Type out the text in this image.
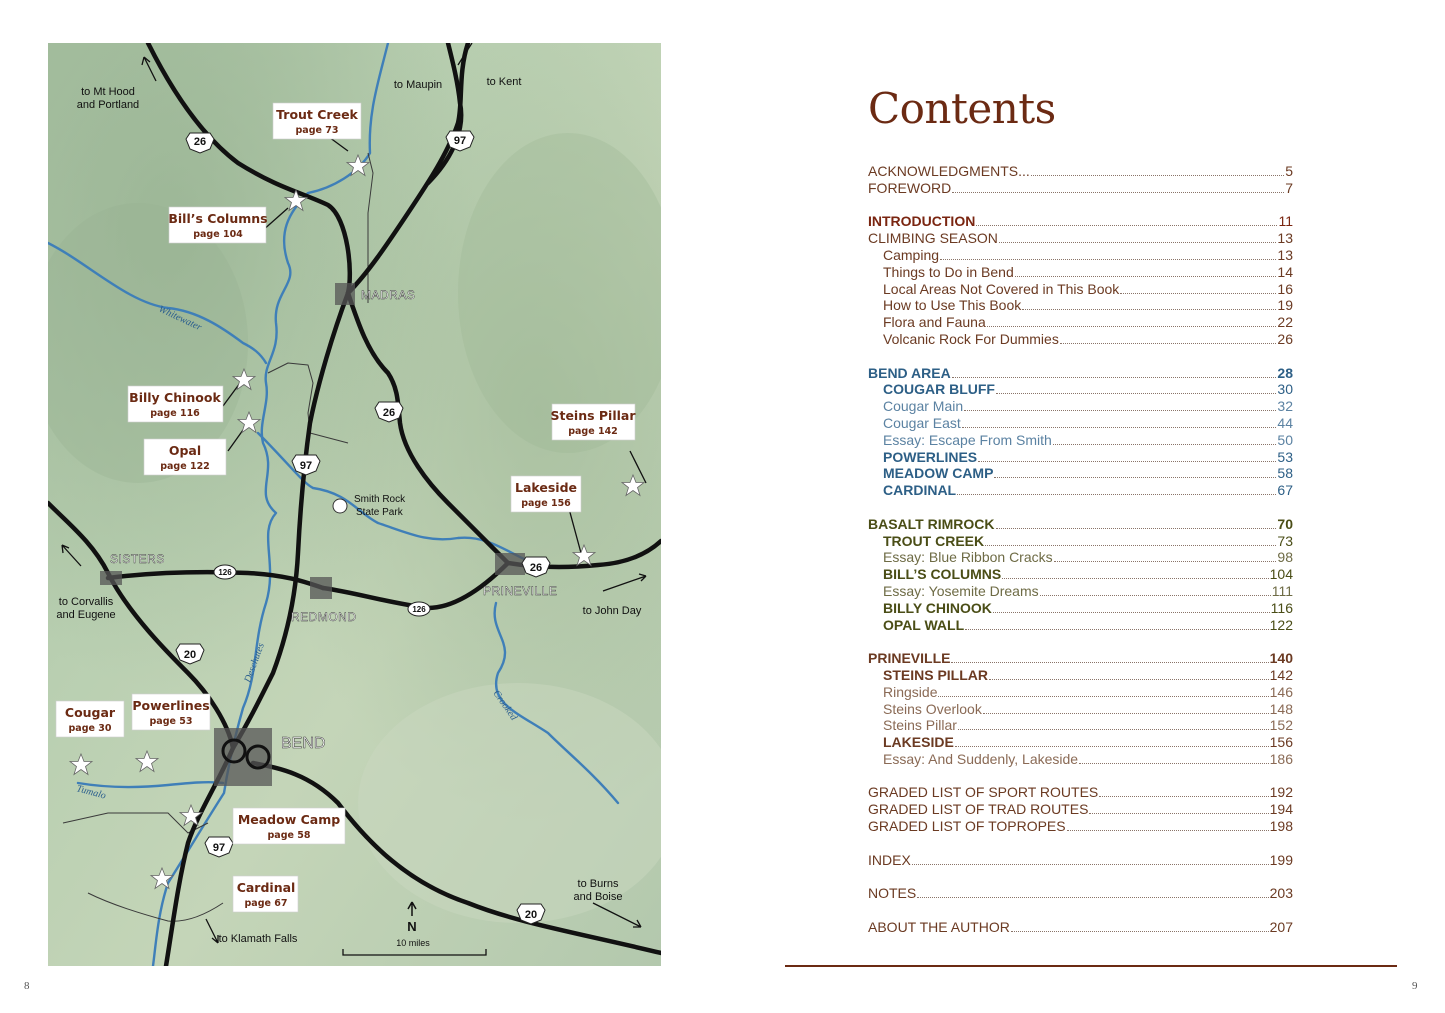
26	97
26
97
20
97
20
26
126
126
MADRAS
SISTERS
REDMOND
PRINEVILLE
BEND
Whitewater
Deschutes
Crooked
Tumalo
to Mt Hood
and Portland
to Maupin	to Kent
to Corvallis
and Eugene	to John Day
to Burns
and Boise
to Klamath Falls
Smith Rock
State Park
Trout Creek
Bill’s Columns
Billy Chinook
Opal
Steins Pillar
Lakeside
Cougar Powerlines
Meadow Camp
Cardinal
page 73
page 104
page 116
page 122
page 142
page 156
page 30
page 53
page 58
page 67
N
10 miles
8
Contents
ACKNOWLEDGMENTS...	5
FOREWORD	7
INTRODUCTION	11
CLIMBING SEASON	13
Camping	13
Things to Do in Bend	14
Local Areas Not Covered in This Book	16
How to Use This Book	19
Flora and Fauna	22
Volcanic Rock For Dummies	26
BEND AREA	28
COUGAR BLUFF	30
Cougar Main	32
Cougar East	44
Essay: Escape From Smith	50
POWERLINES	53
MEADOW CAMP	58
CARDINAL	67
BASALT RIMROCK	70
TROUT CREEK	73
Essay: Blue Ribbon Cracks	98
BILL’S COLUMNS	104
Essay: Yosemite Dreams	111
BILLY CHINOOK	116
OPAL WALL	122
PRINEVILLE	140
STEINS PILLAR	142
Ringside	146
Steins Overlook	148
Steins Pillar	152
LAKESIDE	156
Essay: And Suddenly, Lakeside	186
GRADED LIST OF SPORT ROUTES	192
GRADED LIST OF TRAD ROUTES	194
GRADED LIST OF TOPROPES	198
INDEX	199
NOTES	203
ABOUT THE AUTHOR	207
9
